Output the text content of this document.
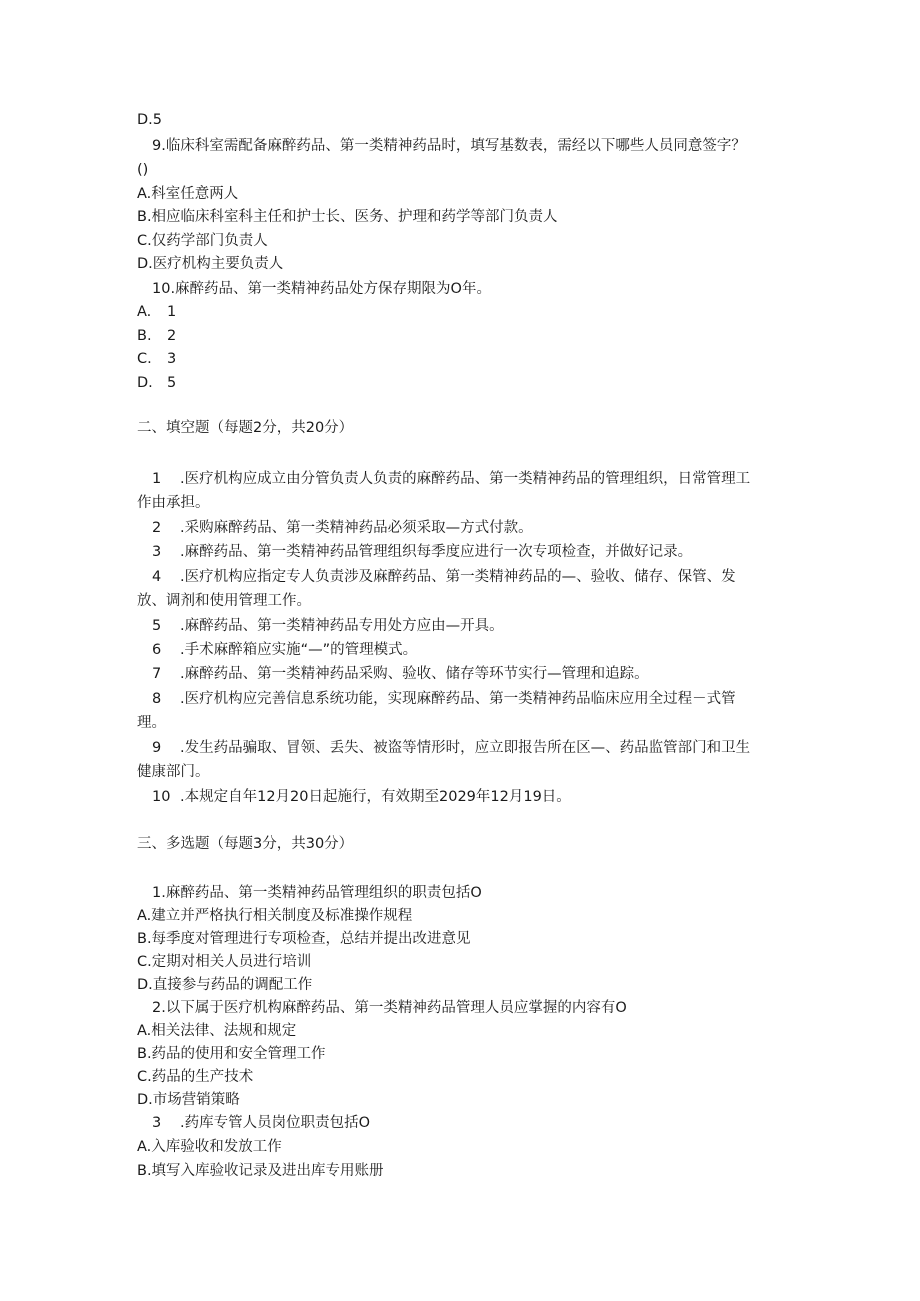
D.5
9.临床科室需配备麻醉药品、第一类精神药品时，填写基数表，需经以下哪些人员同意签字？
()
A.科室任意两人
B.相应临床科室科主任和护士长、医务、护理和药学等部门负责人
C.仅药学部门负责人
D.医疗机构主要负责人
10.麻醉药品、第一类精神药品处方保存期限为O年。
A. 1
B. 2
C. 3
D. 5
二、填空题（每题2分，共20分）
1 .医疗机构应成立由分管负责人负责的麻醉药品、第一类精神药品的管理组织，日常管理工
作由承担。
2 .采购麻醉药品、第一类精神药品必须采取—方式付款。
3 .麻醉药品、第一类精神药品管理组织每季度应进行一次专项检查，并做好记录。
4 .医疗机构应指定专人负责涉及麻醉药品、第一类精神药品的—、验收、储存、保管、发
放、调剂和使用管理工作。
5 .麻醉药品、第一类精神药品专用处方应由—开具。
6 .手术麻醉箱应实施“—”的管理模式。
7 .麻醉药品、第一类精神药品采购、验收、储存等环节实行—管理和追踪。
8 .医疗机构应完善信息系统功能，实现麻醉药品、第一类精神药品临床应用全过程－式管
理。
9 .发生药品骗取、冒领、丢失、被盗等情形时，应立即报告所在区—、药品监管部门和卫生
健康部门。
10 .本规定自年12月20日起施行，有效期至2029年12月19日。
三、多选题（每题3分，共30分）
1.麻醉药品、第一类精神药品管理组织的职责包括O
A.建立并严格执行相关制度及标准操作规程
B.每季度对管理进行专项检查，总结并提出改进意见
C.定期对相关人员进行培训
D.直接参与药品的调配工作
2.以下属于医疗机构麻醉药品、第一类精神药品管理人员应掌握的内容有O
A.相关法律、法规和规定
B.药品的使用和安全管理工作
C.药品的生产技术
D.市场营销策略
3 .药库专管人员岗位职责包括O
A.入库验收和发放工作
B.填写入库验收记录及进出库专用账册
